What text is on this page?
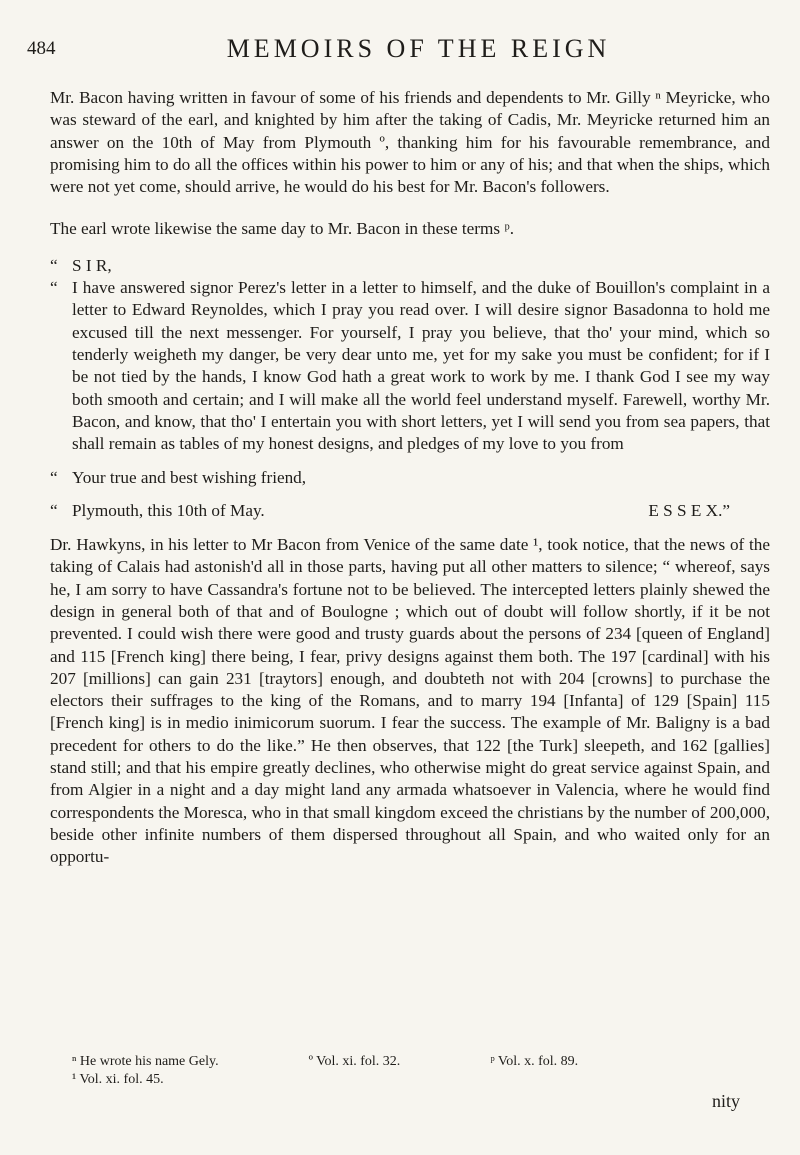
484	MEMOIRS OF THE REIGN

Mr. Bacon having written in favour of some of his friends and dependents to Mr. Gilly ⁿ Meyricke, who was steward of the earl, and knighted by him after the taking of Cadis, Mr. Meyricke returned him an answer on the 10th of May from Plymouth º, thanking him for his favourable remembrance, and promising him to do all the offices within his power to him or any of his; and that when the ships, which were not yet come, should arrive, he would do his best for Mr. Bacon's followers.

The earl wrote likewise the same day to Mr. Bacon in these terms ᵖ.

“ S I R,

“ I have answered signor Perez's letter in a letter to himself, and the duke of Bouillon's complaint in a letter to Edward Reynoldes, which I pray you read over. I will desire signor Basadonna to hold me excused till the next messenger. For yourself, I pray you believe, that tho' your mind, which so tenderly weigheth my danger, be very dear unto me, yet for my sake you must be confident; for if I be not tied by the hands, I know God hath a great work to work by me. I thank God I see my way both smooth and certain; and I will make all the world feel understand myself. Farewell, worthy Mr. Bacon, and know, that tho' I entertain you with short letters, yet I will send you from sea papers, that shall remain as tables of my honest designs, and pledges of my love to you from

“ Your true and best wishing friend,

“ Plymouth, this 10th of May.	E S S E X.”

Dr. Hawkyns, in his letter to Mr Bacon from Venice of the same date ¹, took notice, that the news of the taking of Calais had astonish'd all in those parts, having put all other matters to silence; “ whereof, says he, I am sorry to have Cassandra's fortune not to be believed. The intercepted letters plainly shewed the design in general both of that and of Boulogne ; which out of doubt will follow shortly, if it be not prevented. I could wish there were good and trusty guards about the persons of 234 [queen of England] and 115 [French king] there being, I fear, privy designs against them both. The 197 [cardinal] with his 207 [millions] can gain 231 [traytors] enough, and doubteth not with 204 [crowns] to purchase the electors their suffrages to the king of the Romans, and to marry 194 [Infanta] of 129 [Spain] 115 [French king] is in medio inimicorum suorum. I fear the success. The example of Mr. Baligny is a bad precedent for others to do the like.” He then observes, that 122 [the Turk] sleepeth, and 162 [gallies] stand still; and that his empire greatly declines, who otherwise might do great service against Spain, and from Algier in a night and a day might land any armada whatsoever in Valencia, where he would find correspondents the Moresca, who in that small kingdom exceed the christians by the number of 200,000, beside other infinite numbers of them dispersed throughout all Spain, and who waited only for an opportu-

ⁿ He wrote his name Gely.	º Vol. xi. fol. 32.	ᵖ Vol. x. fol. 89.
¹ Vol. xi. fol. 45.
nity
